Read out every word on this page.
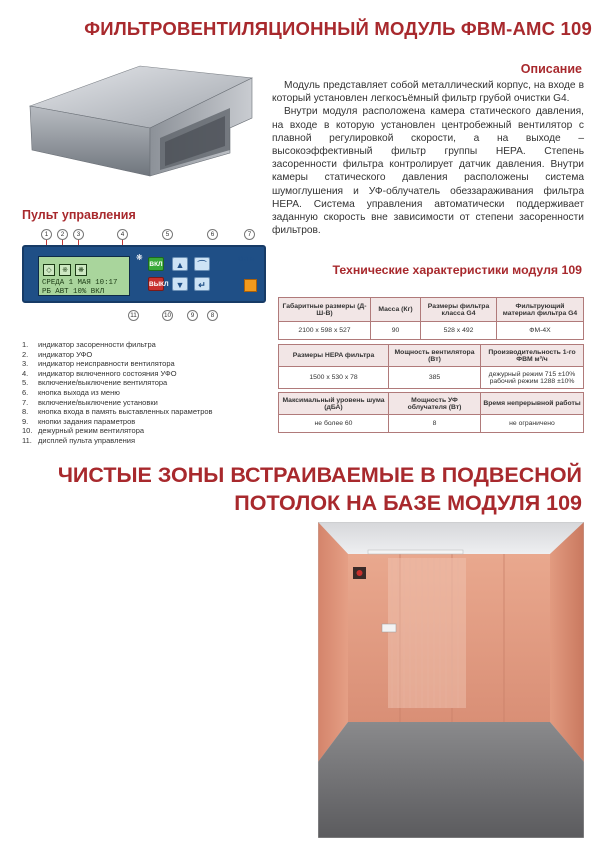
ФИЛЬТРОВЕНТИЛЯЦИОННЫЙ МОДУЛЬ ФВМ-АМС 109
Описание

Модуль представляет собой металлический корпус, на входе в который установлен легкосъёмный фильтр грубой очистки G4.

Внутри модуля расположена камера статического давления, на входе в которую установлен центробежный вентилятор с плавной регулировкой скорости, а на выходе – высокоэффективный фильтр группы HEPA. Степень засоренности фильтра контролирует датчик давления. Внутри камеры статического давления расположены система шумоглушения и УФ-облучатель обеззараживания фильтра HEPA. Система управления автоматически поддерживает заданную скорость вне зависимости от степени засоренности фильтров.

Пульт управления
◇	※	❋
СРЕДА 1 МАЯ 10:17
РБ АВТ 10% ВКЛ
❋
ВКЛ
ВЫКЛ
▲
▼
⌒
↵
СЕТЬ
1	2	3	4	5	6	7
8
9
10
11
1. индикатор засоренности фильтра
2. индикатор УФО
3. индикатор неисправности вентилятора
4. индикатор включенного состояния УФО
5. включение/выключение вентилятора
6. кнопка выхода из меню
7. включение/выключение установки
8. кнопка входа в память выставленных параметров
9. кнопки задания параметров
10. дежурный режим вентилятора
11. дисплей пульта управления
Технические характеристики модуля 109
Габаритные размеры (Д-Ш-В)	Масса (Кг)	Размеры фильтра класса G4	Фильтрующий материал фильтра G4
2100 х 598 х 527	90	528 х 492	ФМ-4Х
Размеры HEPA фильтра	Мощность вентилятора (Вт)	Производительность 1-го ФВМ м³/ч
1500 х 530 х 78	385	дежурный режим 715 ±10% рабочий режим 1288 ±10%
Максимальный уровень шума (дБА)	Мощность УФ облучателя (Вт)	Время непрерывной работы
не более 60	8	не ограничено
ЧИСТЫЕ ЗОНЫ ВСТРАИВАЕМЫЕ В ПОДВЕСНОЙ
ПОТОЛОК НА БАЗЕ МОДУЛЯ 109
